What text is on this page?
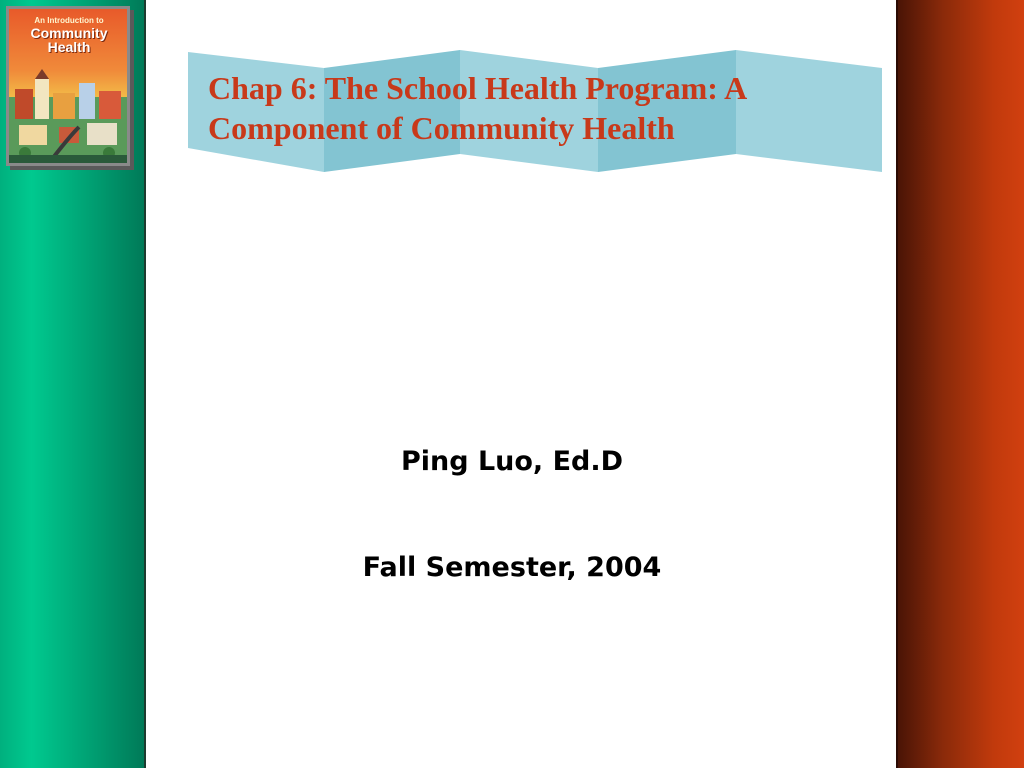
An Introduction to
Community Health
Chap 6: The School Health Program: A Component of Community Health
Ping Luo, Ed.D
Fall Semester, 2004
